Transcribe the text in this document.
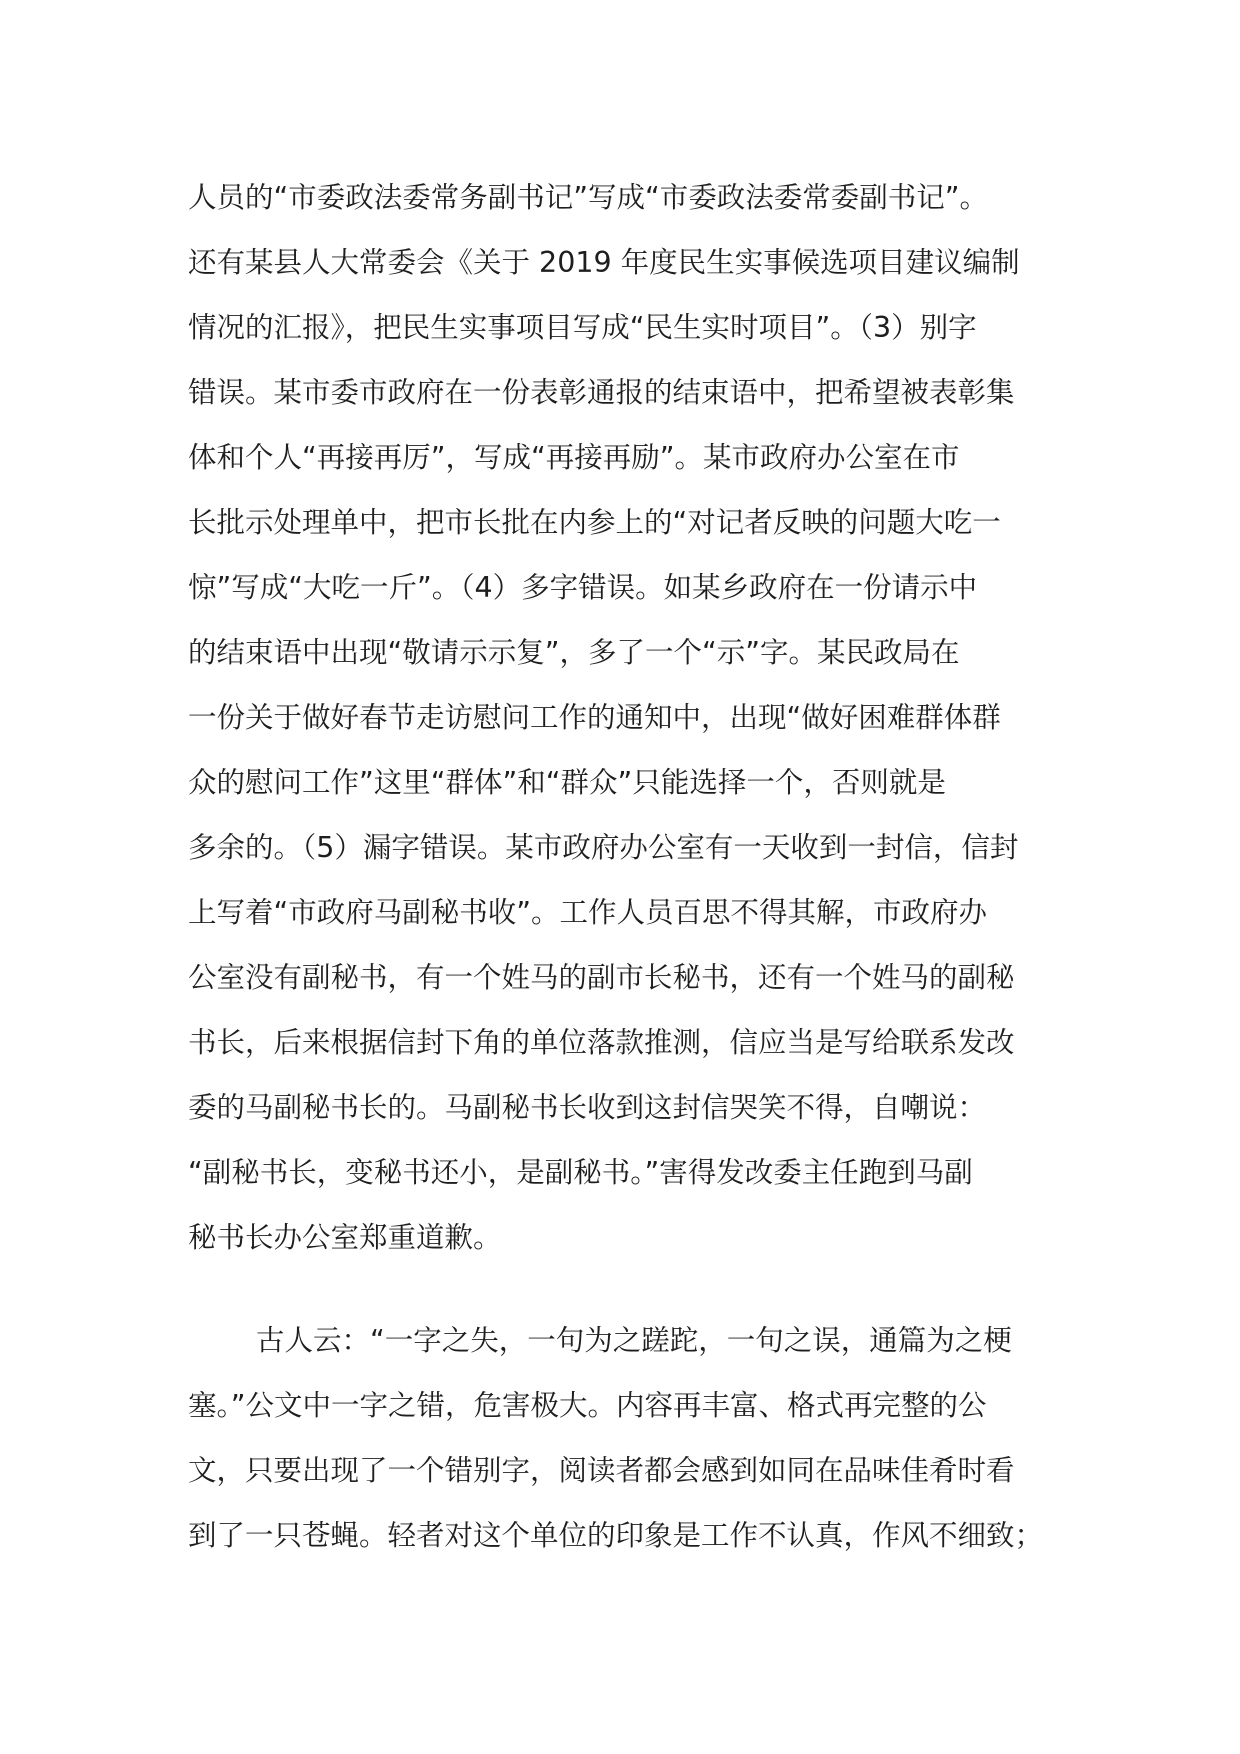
人员的“市委政法委常务副书记”写成“市委政法委常委副书记”。
还有某县人大常委会《关于 2019 年度民生实事候选项目建议编制
情况的汇报》，把民生实事项目写成“民生实时项目”。（3）别字
错误。某市委市政府在一份表彰通报的结束语中，把希望被表彰集
体和个人“再接再厉”，写成“再接再励”。某市政府办公室在市
长批示处理单中，把市长批在内参上的“对记者反映的问题大吃一
惊”写成“大吃一斤”。（4）多字错误。如某乡政府在一份请示中
的结束语中出现“敬请示示复”，多了一个“示”字。某民政局在
一份关于做好春节走访慰问工作的通知中，出现“做好困难群体群
众的慰问工作”这里“群体”和“群众”只能选择一个，否则就是
多余的。（5）漏字错误。某市政府办公室有一天收到一封信，信封
上写着“市政府马副秘书收”。工作人员百思不得其解，市政府办
公室没有副秘书，有一个姓马的副市长秘书，还有一个姓马的副秘
书长，后来根据信封下角的单位落款推测，信应当是写给联系发改
委的马副秘书长的。马副秘书长收到这封信哭笑不得，自嘲说：
“副秘书长，变秘书还小，是副秘书。”害得发改委主任跑到马副
秘书长办公室郑重道歉。
古人云：“一字之失，一句为之蹉跎，一句之误，通篇为之梗
塞。”公文中一字之错，危害极大。内容再丰富、格式再完整的公
文，只要出现了一个错别字，阅读者都会感到如同在品味佳肴时看
到了一只苍蝇。轻者对这个单位的印象是工作不认真，作风不细致；
